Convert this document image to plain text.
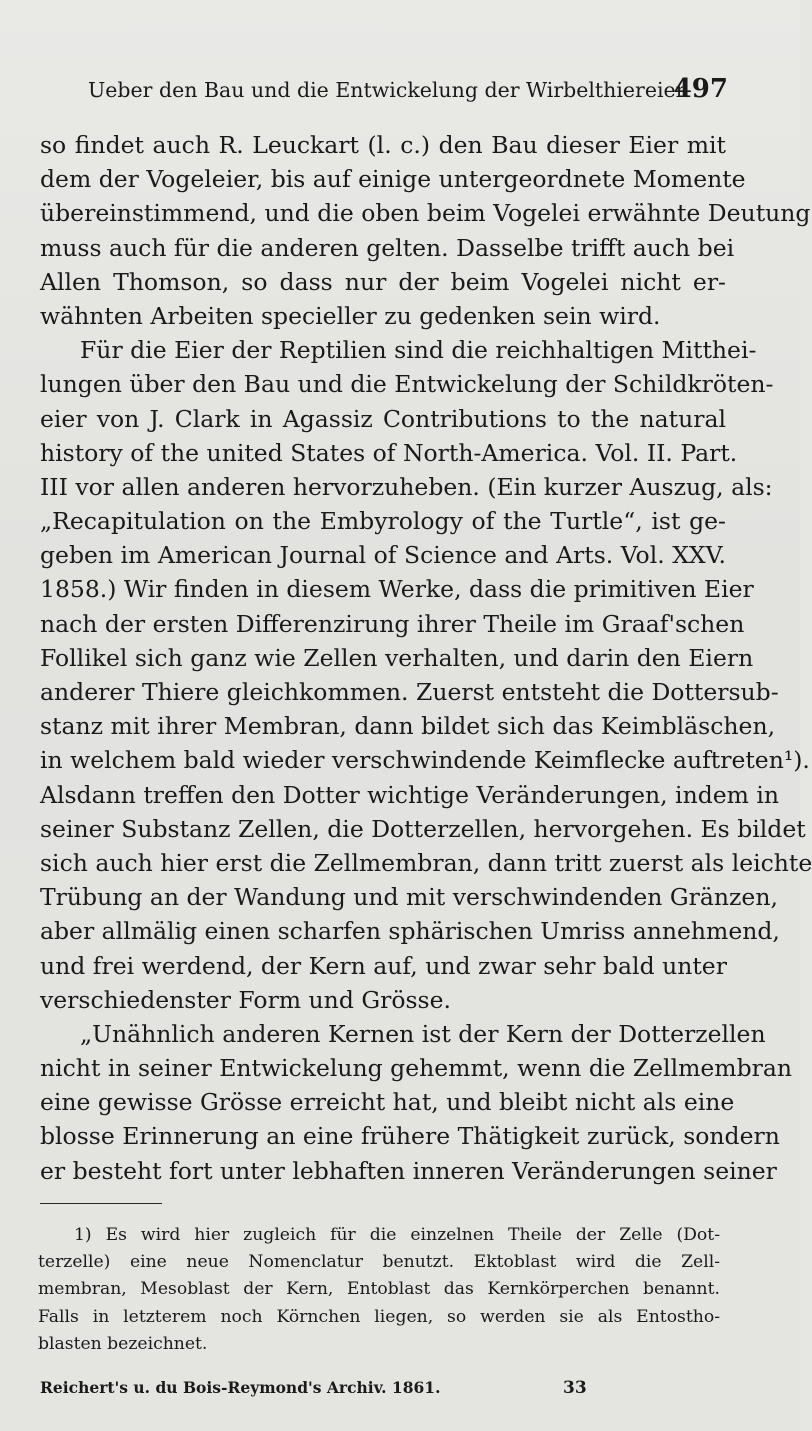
Ueber den Bau und die Entwickelung der Wirbelthiereier.
497
so findet auch R. Leuckart (l. c.) den Bau dieser Eier mit
dem der Vogeleier, bis auf einige untergeordnete Momente
übereinstimmend, und die oben beim Vogelei erwähnte Deutung
muss auch für die anderen gelten. Dasselbe trifft auch bei
Allen Thomson, so dass nur der beim Vogelei nicht er-
wähnten Arbeiten specieller zu gedenken sein wird.
Für die Eier der Reptilien sind die reichhaltigen Mitthei-
lungen über den Bau und die Entwickelung der Schildkröten-
eier von J. Clark in Agassiz Contributions to the natural
history of the united States of North-America. Vol. II. Part.
III vor allen anderen hervorzuheben. (Ein kurzer Auszug, als:
„Recapitulation on the Embyrology of the Turtle“, ist ge-
geben im American Journal of Science and Arts. Vol. XXV.
1858.) Wir finden in diesem Werke, dass die primitiven Eier
nach der ersten Differenzirung ihrer Theile im Graaf'schen
Follikel sich ganz wie Zellen verhalten, und darin den Eiern
anderer Thiere gleichkommen. Zuerst entsteht die Dottersub-
stanz mit ihrer Membran, dann bildet sich das Keimbläschen,
in welchem bald wieder verschwindende Keimflecke auftreten¹).
Alsdann treffen den Dotter wichtige Veränderungen, indem in
seiner Substanz Zellen, die Dotterzellen, hervorgehen. Es bildet
sich auch hier erst die Zellmembran, dann tritt zuerst als leichte
Trübung an der Wandung und mit verschwindenden Gränzen,
aber allmälig einen scharfen sphärischen Umriss annehmend,
und frei werdend, der Kern auf, und zwar sehr bald unter
verschiedenster Form und Grösse.
„Unähnlich anderen Kernen ist der Kern der Dotterzellen
nicht in seiner Entwickelung gehemmt, wenn die Zellmembran
eine gewisse Grösse erreicht hat, und bleibt nicht als eine
blosse Erinnerung an eine frühere Thätigkeit zurück, sondern
er besteht fort unter lebhaften inneren Veränderungen seiner
1) Es wird hier zugleich für die einzelnen Theile der Zelle (Dot-
terzelle) eine neue Nomenclatur benutzt. Ektoblast wird die Zell-
membran, Mesoblast der Kern, Entoblast das Kernkörperchen benannt.
Falls in letzterem noch Körnchen liegen, so werden sie als Entostho-
blasten bezeichnet.
Reichert's u. du Bois-Reymond's Archiv. 1861.	33
